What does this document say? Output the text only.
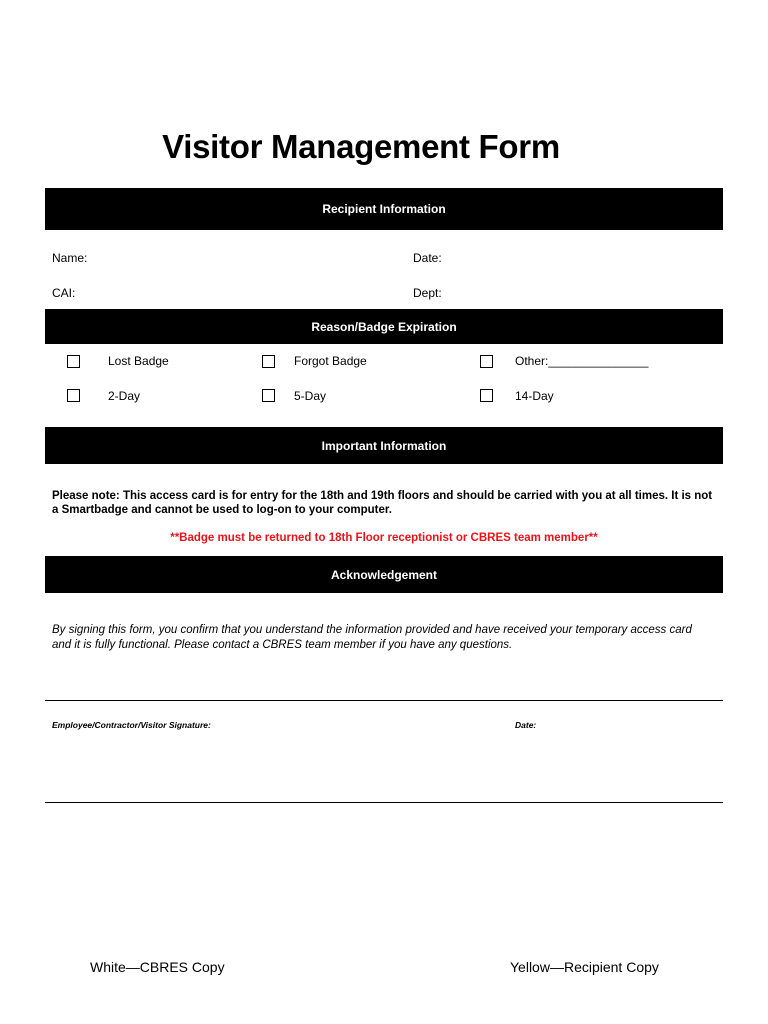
Visitor Management Form
Recipient Information
Name:	Date:
CAI:	Dept:
Reason/Badge Expiration
Lost Badge	Forgot Badge	Other:_______________
2-Day	5-Day	14-Day
Important Information
Please note: This access card is for entry for the 18th and 19th floors and should be carried with you at all times. It is not a Smartbadge and cannot be used to log-on to your computer.
**Badge must be returned to 18th Floor receptionist or CBRES team member**
Acknowledgement
By signing this form, you confirm that you understand the information provided and have received your temporary access card and it is fully functional. Please contact a CBRES team member if you have any questions.
Employee/Contractor/Visitor Signature:	Date:
White—CBRES Copy	Yellow—Recipient Copy
